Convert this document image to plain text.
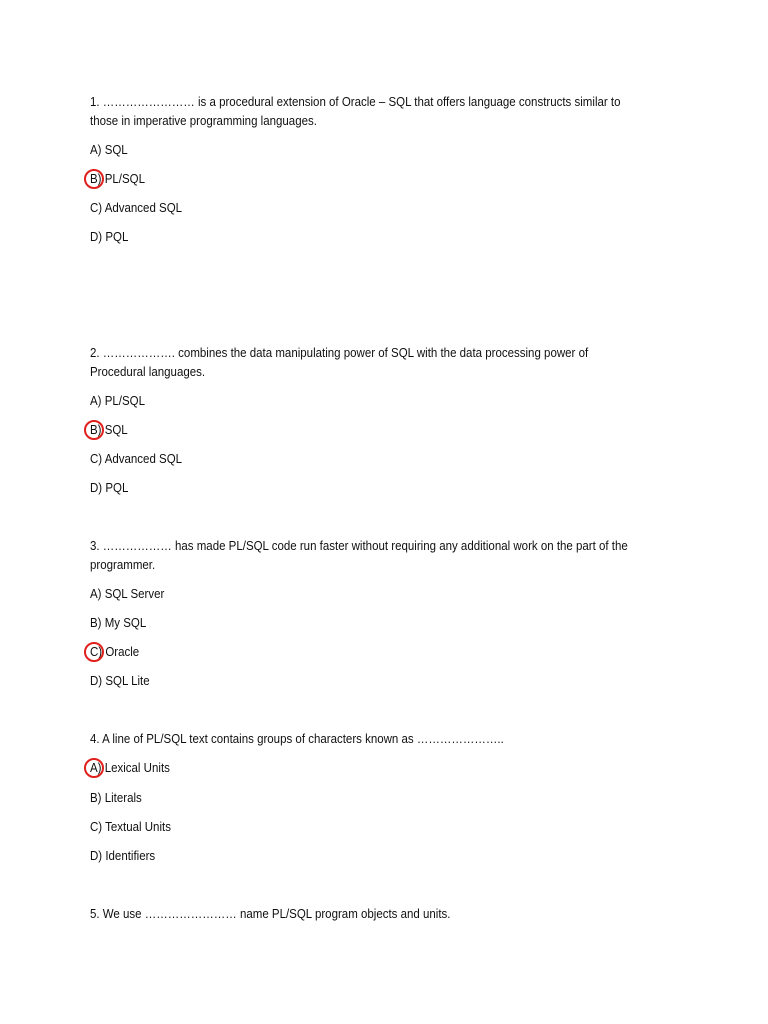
1. …………………… is a procedural extension of Oracle – SQL that offers language constructs similar to
those in imperative programming languages.
A) SQL
B) PL/SQL
C) Advanced SQL
D) PQL
2. ………………. combines the data manipulating power of SQL with the data processing power of
Procedural languages.
A) PL/SQL
B) SQL
C) Advanced SQL
D) PQL
3. ……………… has made PL/SQL code run faster without requiring any additional work on the part of the
programmer.
A) SQL Server
B) My SQL
C) Oracle
D) SQL Lite
4. A line of PL/SQL text contains groups of characters known as …………………..
A) Lexical Units
B) Literals
C) Textual Units
D) Identifiers
5. We use …………………… name PL/SQL program objects and units.
